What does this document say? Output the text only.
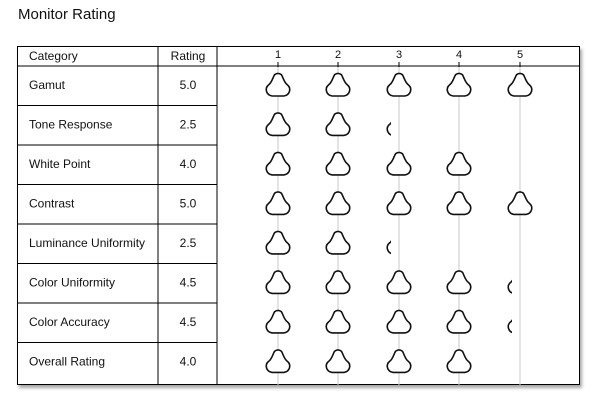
Monitor Rating
Category	Rating	1	2	3	4	5
Gamut	5.0
Tone Response	2.5
White Point	4.0
Contrast	5.0
Luminance Uniformity	2.5
Color Uniformity	4.5
Color Accuracy	4.5
Overall Rating	4.0
